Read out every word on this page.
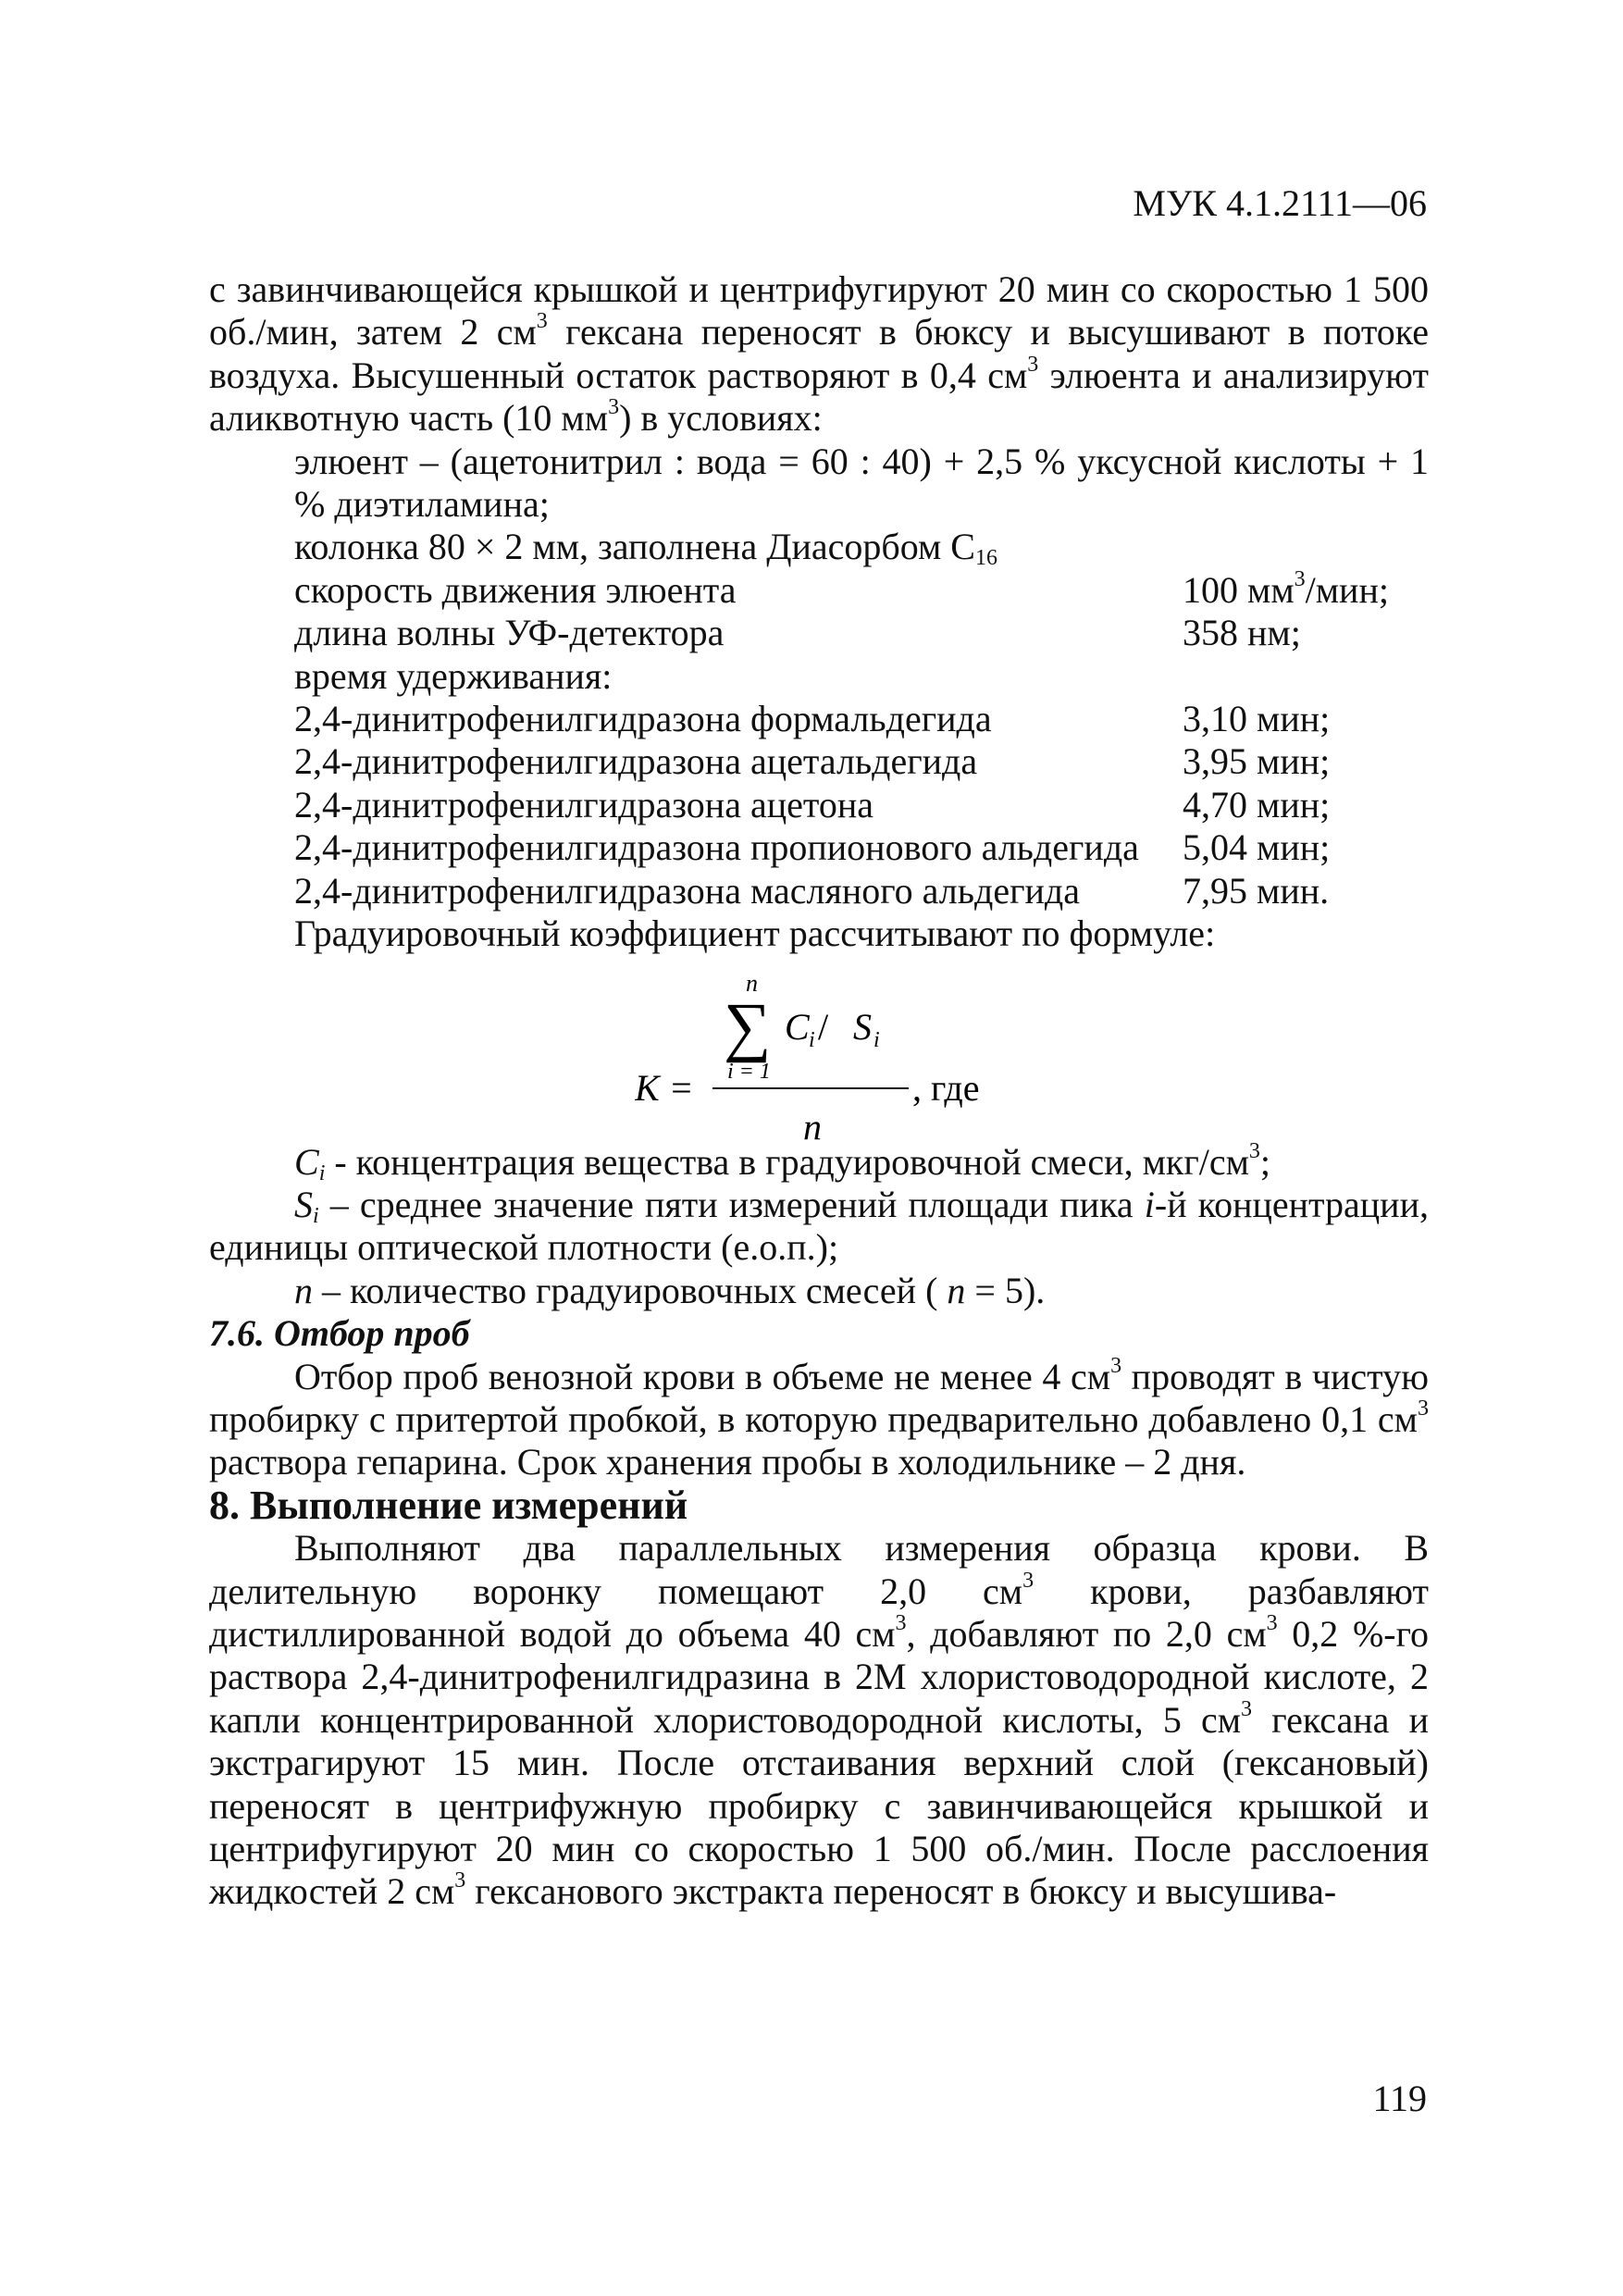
МУК 4.1.2111—06

с завинчивающейся крышкой и центрифугируют 20 мин со скоростью 1 500 об./мин, затем 2 $см^3$ гексана переносят в бюксу и высушивают в потоке воздуха. Высушенный остаток растворяют в 0,4 $см^3$ элюента и анализируют аликвотную часть (10 $мм^3$) в условиях:

элюент – (ацетонитрил : вода = 60 : 40) + 2,5 % уксусной кислоты + 1 % диэтиламина;

колонка 80 × 2 мм, заполнена Диасорбом $С_{16}$

скорость движения элюента	100 $мм^3$/мин;
длина волны УФ-детектора	358 нм;

время удерживания:

2,4-динитрофенилгидразона формальдегида	3,10 мин;
2,4-динитрофенилгидразона ацетальдегида	3,95 мин;
2,4-динитрофенилгидразона ацетона	4,70 мин;
2,4-динитрофенилгидразона пропионового альдегида	5,04 мин;
2,4-динитрофенилгидразона масляного альдегида	7,95 мин.

Градуировочный коэффициент рассчитывают по формуле:

n
∑ C i / S i
i = 1
K =
n
, где

$C_i$ - концентрация вещества в градуировочной смеси, мкг/$см^3$;

$S_i$ – среднее значение пяти измерений площади пика i-й концентрации, единицы оптической плотности (е.о.п.);

n – количество градуировочных смесей ( n = 5).

7.6. Отбор проб

Отбор проб венозной крови в объеме не менее 4 $см^3$ проводят в чистую пробирку с притертой пробкой, в которую предварительно добавлено 0,1 $см^3$ раствора гепарина. Срок хранения пробы в холодильнике – 2 дня.

8. Выполнение измерений

Выполняют два параллельных измерения образца крови. В делительную воронку помещают 2,0 $см^3$ крови, разбавляют дистиллированной водой до объема 40 $см^3$, добавляют по 2,0 $см^3$ 0,2 %-го раствора 2,4-динитрофенилгидразина в 2М хлористоводородной кислоте, 2 капли концентрированной хлористоводородной кислоты, 5 $см^3$ гексана и экстрагируют 15 мин. После отстаивания верхний слой (гексановый) переносят в центрифужную пробирку с завинчивающейся крышкой и центрифугируют 20 мин со скоростью 1 500 об./мин. После расслоения жидкостей 2 $см^3$ гексанового экстракта переносят в бюксу и высушива-

119
